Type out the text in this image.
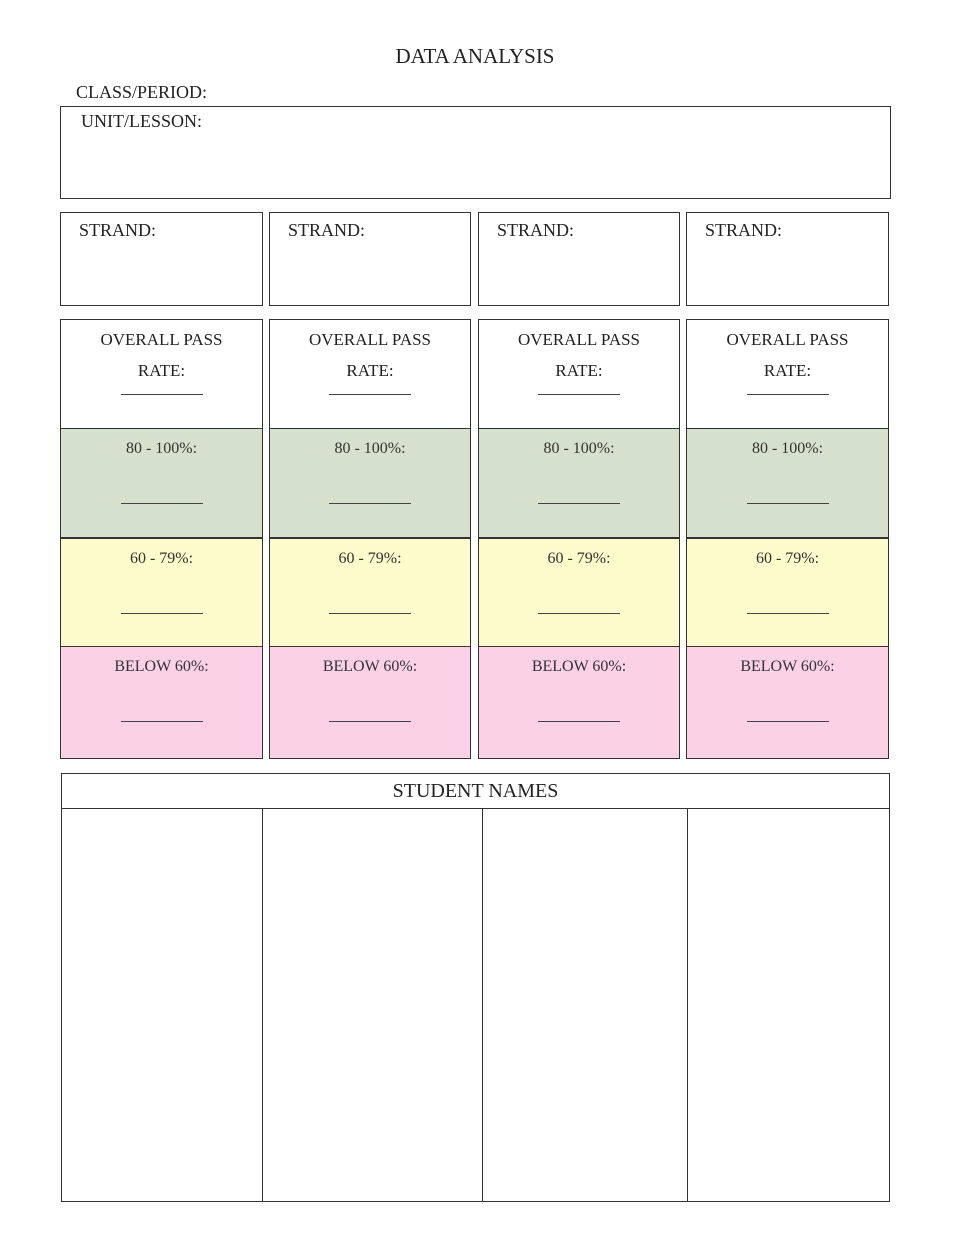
DATA ANALYSIS
CLASS/PERIOD:
UNIT/LESSON:
STRAND:
OVERALL PASS
RATE:
80 - 100%:
60 - 79%:
BELOW 60%:
STRAND:
OVERALL PASS
RATE:
80 - 100%:
60 - 79%:
BELOW 60%:
STRAND:
OVERALL PASS
RATE:
80 - 100%:
60 - 79%:
BELOW 60%:
STRAND:
OVERALL PASS
RATE:
80 - 100%:
60 - 79%:
BELOW 60%:
STUDENT NAMES
